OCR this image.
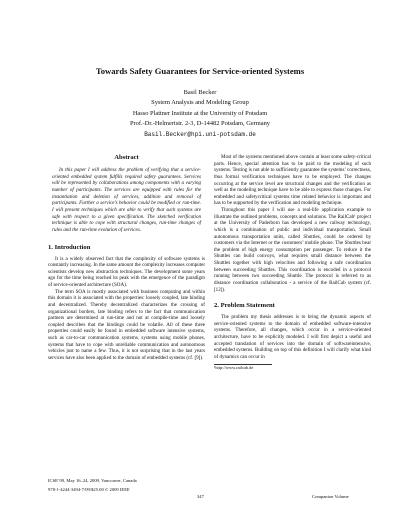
Towards Safety Guarantees for Service-oriented Systems
Basil Becker
System Analysis and Modeling Group
Hasso Plattner Institute at the University of Potsdam
Prof.-Dr.-Helmertstr. 2-3, D-14482 Potsdam, Germany
Basil.Becker@hpi.uni-potsdam.de
Abstract

In this paper I will address the problem of verifying that a service-oriented embedded system fulfills required safety guarantees. Services will be represented by collaborations among components with a varying number of participants. The services are equipped with rules for the instantiation and deletion of services, addition and removal of participants. Further a service’s behavior could be modified or run-time. I will present techniques which are able to verify that such systems are safe with respect to a given specification. The sketched verification technique is able to cope with structural changes, run-time changes of rules and the run-time evolution of services.

1. Introduction

It is a widely observed fact that the complexity of software systems is constantly increasing. In the same amount the complexity increases computer scientists develop new abstraction techniques. The development some years ago for the time being reached its peak with the emergence of the paradigm of service-oriented architecture (SOA).

The term SOA is mostly associated with business computing and within this domain it is associated with the properties: loosely coupled, late binding and decentralized. Thereby decentralized characterizes the crossing of organizational borders, late binding refers to the fact that communication partners are determined at run-time and not at compile-time and loosely coupled describes that the bindings could be volatile. All of these three properties could easily be found in embedded software intensive systems, such as car-to-car communication systems, systems using mobile phones, systems that have to cope with unreliable communication and autonomous vehicles just to name a few. Thus, it is not surprising that in the last years services have also been applied to the domain of embedded systems (cf. [9]).

Most of the systems mentioned above contain at least some safety-critical parts. Hence, special attention has to be paid to the modeling of such systems. Testing is not able to sufficiently guarantee the systems’ correctness, thus formal verification techniques have to be employed. The changes occurring at the service level are structural changes and the verification as well as the modeling technique have to be able to express those changes. For embedded and safetycritical systems time related behavior is important and has to be supported by the verification and modeling technique.

Throughout this paper I will use a real-life application example to illustrate the outlined problems, concepts and solutions. The RailCab¹ project at the University of Paderborn has developed a new railway technology, which is a combination of public and individual transportation. Small autonomous transportation units, called Shuttles, could be ordered by customers via the Internet or the customers’ mobile phone. The Shuttles bear the problem of high energy consumption per passenger. To reduce it the Shuttles can build convoys, what requires small distance between the Shuttles together with high velocities and following a safe coordination between succeeding Shuttles. This coordination is encoded in a protocol running between two succeeding Shuttle. The protocol is referred to as distance coordination collaboration - a service of the RailCab system (cf. [12]).

2. Problem Statement

The problem my thesis addresses is to bring the dynamic aspects of service-oriented systems to the domain of embedded software-intensive systems. Therefore, all changes, which occur in a service-oriented architecture, have to be explicitly modeled. I will first depict a useful and accepted translation of services into the domain of softwareintensive, embedded systems. Building on top of this definition I will clarify what kind of dynamics can occur in

¹http://www.railcab.de
ICSE’09, May 16–24, 2009, Vancouver, Canada
978-1-4244-3494-7/09/$25.00 © 2009 IEEE
347	Companion Volume
